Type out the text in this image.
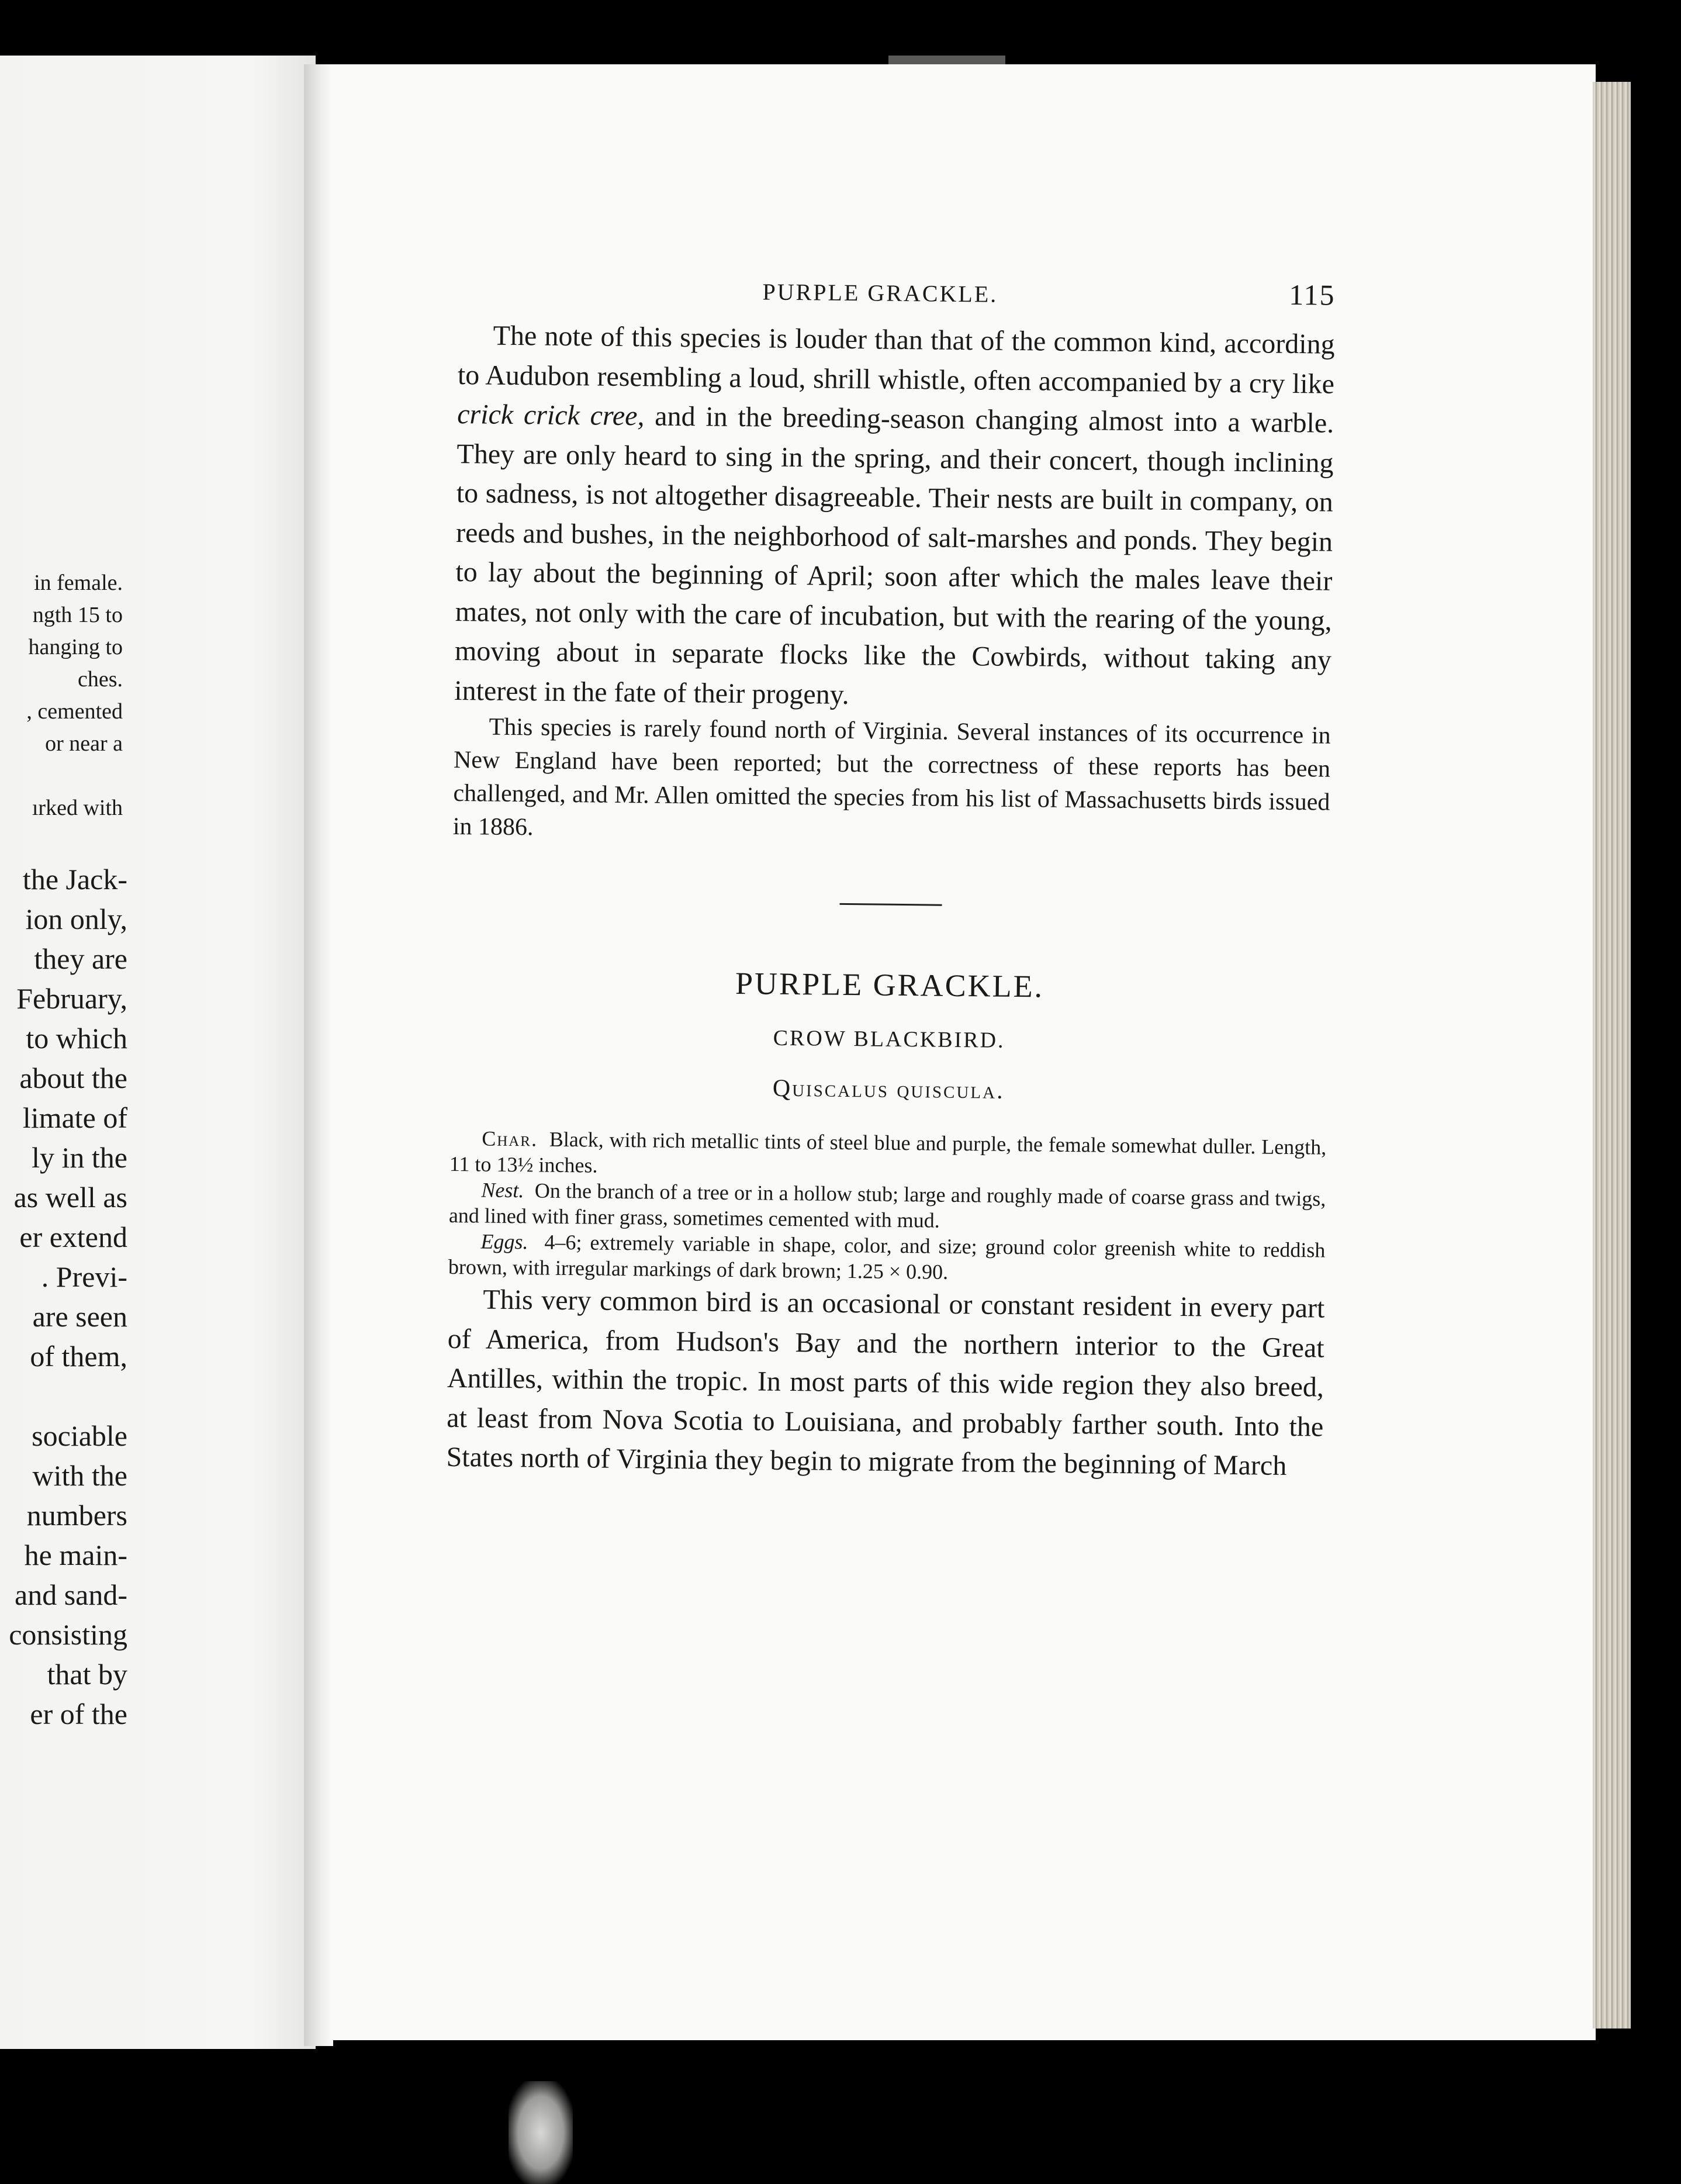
in female.
ngth 15 to
hanging to
ches.
, cemented
or near a
ırked with
the Jack-
ion only,
they are
February,
to which
about the
limate of
ly in the
as well as
er extend
. Previ-
are seen
of them,
sociable
with the
numbers
he main-
and sand-
consisting
that by
er of the
PURPLE GRACKLE.	115

The note of this species is louder than that of the common kind, according to Audubon resembling a loud, shrill whistle, often accompanied by a cry like crick crick cree, and in the breeding-season changing almost into a warble. They are only heard to sing in the spring, and their concert, though inclining to sadness, is not altogether disagreeable. Their nests are built in company, on reeds and bushes, in the neighborhood of salt-marshes and ponds. They begin to lay about the beginning of April; soon after which the males leave their mates, not only with the care of incubation, but with the rearing of the young, moving about in separate flocks like the Cowbirds, without taking any interest in the fate of their progeny.

This species is rarely found north of Virginia. Several instances of its occurrence in New England have been reported; but the correctness of these reports has been challenged, and Mr. Allen omitted the species from his list of Massachusetts birds issued in 1886.

PURPLE GRACKLE.
CROW BLACKBIRD.
Quiscalus quiscula.

Char. Black, with rich metallic tints of steel blue and purple, the female somewhat duller. Length, 11 to 13½ inches.

Nest. On the branch of a tree or in a hollow stub; large and roughly made of coarse grass and twigs, and lined with finer grass, sometimes cemented with mud.

Eggs. 4–6; extremely variable in shape, color, and size; ground color greenish white to reddish brown, with irregular markings of dark brown; 1.25 × 0.90.

This very common bird is an occasional or constant resident in every part of America, from Hudson's Bay and the northern interior to the Great Antilles, within the tropic. In most parts of this wide region they also breed, at least from Nova Scotia to Louisiana, and probably farther south. Into the States north of Virginia they begin to migrate from the beginning of March
